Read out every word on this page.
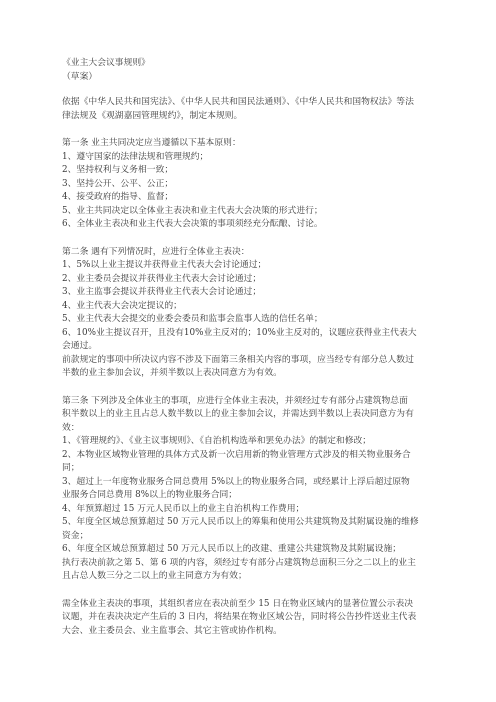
《业主大会议事规则》
（草案）
依据《中华人民共和国宪法》、《中华人民共和国民法通则》、《中华人民共和国物权法》等法
律法规及《观湖嘉园管理规约》，制定本规则。
第一条 业主共同决定应当遵循以下基本原则：
1、遵守国家的法律法规和管理规约；
2、坚持权利与义务相一致；
3、坚持公开、公平、公正；
4、接受政府的指导、监督；
5、业主共同决定以全体业主表决和业主代表大会决策的形式进行；
6、全体业主表决和业主代表大会决策的事项须经充分酝酿、讨论。
第二条 遇有下列情况时，应进行全体业主表决：
1、5%以上业主提议并获得业主代表大会讨论通过；
2、业主委员会提议并获得业主代表大会讨论通过；
3、业主监事会提议并获得业主代表大会讨论通过；
4、业主代表大会决定提议的；
5、业主代表大会提交的业委会委员和监事会监事人选的信任名单；
6、10%业主提议召开，且没有10%业主反对的；10%业主反对的，议题应获得业主代表大
会通过。
前款规定的事项中所决议内容不涉及下面第三条相关内容的事项，应当经专有部分总人数过
半数的业主参加会议，并须半数以上表决同意方为有效。
第三条 下列涉及全体业主的事项，应进行全体业主表决，并须经过专有部分占建筑物总面
积半数以上的业主且占总人数半数以上的业主参加会议，并需达到半数以上表决同意方为有
效：
1、《管理规约》、《业主议事规则》、《自治机构选举和罢免办法》的制定和修改；
2、本物业区域物业管理的具体方式及新一次启用新的物业管理方式涉及的相关物业服务合
同；
3、超过上一年度物业服务合同总费用 5%以上的物业服务合同，或经累计上浮后超过原物
业服务合同总费用 8%以上的物业服务合同；
4、年预算超过 15 万元人民币以上的业主自治机构工作费用；
5、年度全区域总预算超过 50 万元人民币以上的筹集和使用公共建筑物及其附属设施的维修
资金；
6、年度全区域总预算超过 50 万元人民币以上的改建、重建公共建筑物及其附属设施；
执行表决前款之第 5、第 6 项的内容，须经过专有部分占建筑物总面积三分之二以上的业主
且占总人数三分之二以上的业主同意方为有效；
需全体业主表决的事项，其组织者应在表决前至少 15 日在物业区域内的显著位置公示表决
议题，并在表决决定产生后的 3 日内，将结果在物业区域公告，同时将公告抄件送业主代表
大会、业主委员会、业主监事会、其它主管或协作机构。
